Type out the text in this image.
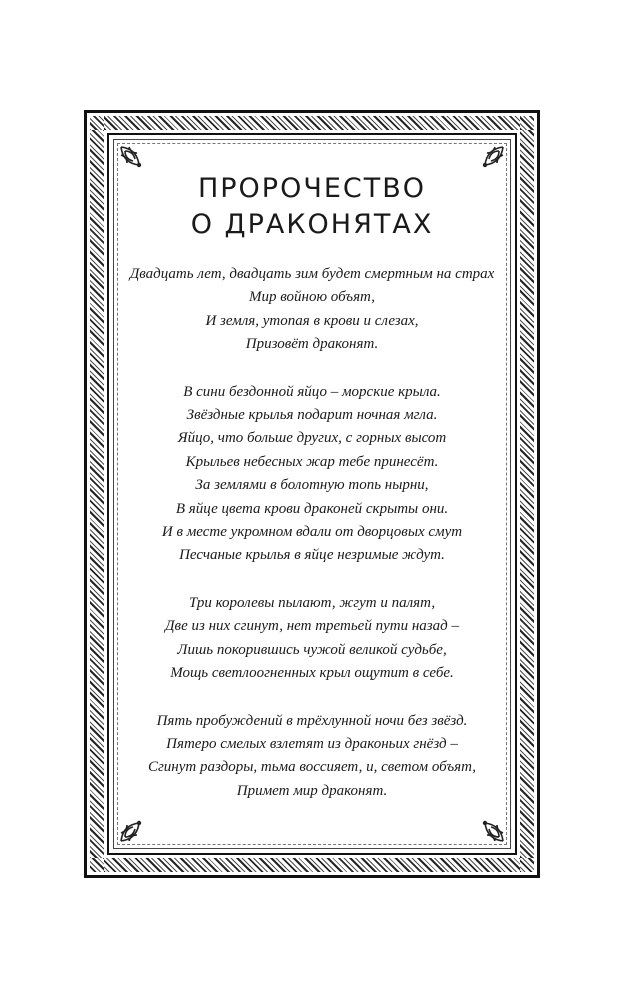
ПРОРОЧЕСТВО
О ДРАКОНЯТАХ

Двадцать лет, двадцать зим будет смертным на страх
Мир войною объят,
И земля, утопая в крови и слезах,
Призовёт драконят.

В сини бездонной яйцо – морские крыла.
Звёздные крылья подарит ночная мгла.
Яйцо, что больше других, с горных высот
Крыльев небесных жар тебе принесёт.
За землями в болотную топь нырни,
В яйце цвета крови драконей скрыты они.
И в месте укромном вдали от дворцовых смут
Песчаные крылья в яйце незримые ждут.

Три королевы пылают, жгут и палят,
Две из них сгинут, нет третьей пути назад –
Лишь покорившись чужой великой судьбе,
Мощь светлоогненных крыл ощутит в себе.

Пять пробуждений в трёхлунной ночи без звёзд.
Пятеро смелых взлетят из драконьих гнёзд –
Сгинут раздоры, тьма воссияет, и, светом объят,
Примет мир драконят.
